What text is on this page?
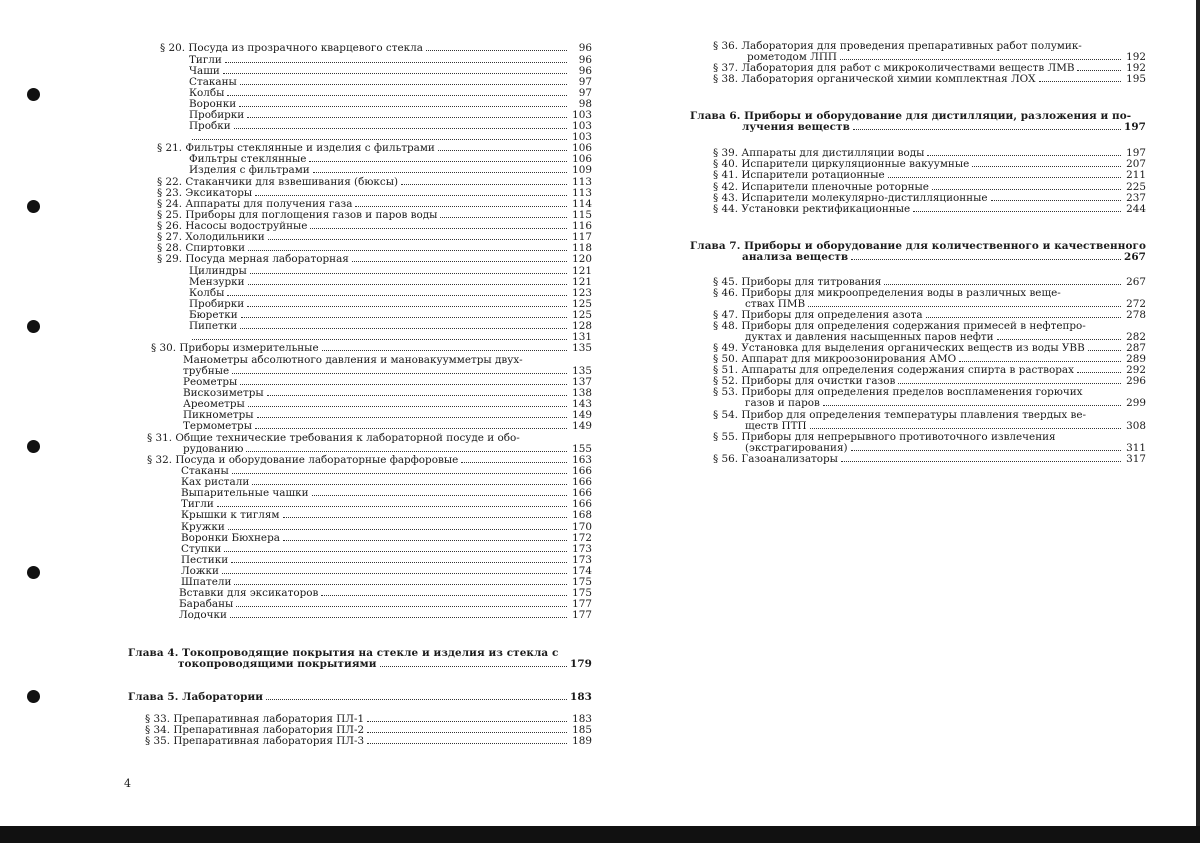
§ 20. Посуда из прозрачного кварцевого стекла	96
Тигли	96
Чаши	96
Стаканы	97
Колбы	97
Воронки	98
Пробирки	103
Пробки	103
103
§ 21. Фильтры стеклянные и изделия с фильтрами	106
Фильтры стеклянные	106
Изделия с фильтрами	109
§ 22. Стаканчики для взвешивания (бюксы)	113
§ 23. Эксикаторы	113
§ 24. Аппараты для получения газа	114
§ 25. Приборы для поглощения газов и паров воды	115
§ 26. Насосы водоструйные	116
§ 27. Холодильники	117
§ 28. Спиртовки	118
§ 29. Посуда мерная лабораторная	120
Цилиндры	121
Мензурки	121
Колбы	123
Пробирки	125
Бюретки	125
Пипетки	128
131
§ 30. Приборы измерительные	135
Манометры абсолютного давления и мановакуумметры двух-
трубные	135
Реометры	137
Вискозиметры	138
Ареометры	143
Пикнометры	149
Термометры	149
§ 31. Общие технические требования к лабораторной посуде и обо-
рудованию	155
§ 32. Посуда и оборудование лабораторные фарфоровые	163
Стаканы	166
Ках ристали	166
Выпарительные чашки	166
Тигли	166
Крышки к тиглям	168
Кружки	170
Воронки Бюхнера	172
Ступки	173
Пестики	173
Ложки	174
Шпатели	175
Вставки для эксикаторов	175
Барабаны	177
Лодочки	177
Глава 4. Токопроводящие покрытия на стекле и изделия из стекла с
токопроводящими покрытиями	179
Глава 5. Лаборатории	183
§ 33. Препаративная лаборатория ПЛ-1	183
§ 34. Препаративная лаборатория ПЛ-2	185
§ 35. Препаративная лаборатория ПЛ-3	189
§ 36. Лаборатория для проведения препаративных работ полумик-
рометодом ЛПП	192
§ 37. Лаборатория для работ с микроколичествами веществ ЛМВ	192
§ 38. Лаборатория органической химии комплектная ЛОХ	195
Глава 6. Приборы и оборудование для дистилляции, разложения и по-
лучения веществ	197
§ 39. Аппараты для дистилляции воды	197
§ 40. Испарители циркуляционные вакуумные	207
§ 41. Испарители ротационные	211
§ 42. Испарители пленочные роторные	225
§ 43. Испарители молекулярно-дистилляционные	237
§ 44. Установки ректификационные	244
Глава 7. Приборы и оборудование для количественного и качественного
анализа веществ	267
§ 45. Приборы для титрования	267
§ 46. Приборы для микроопределения воды в различных веще-
ствах ПМВ	272
§ 47. Приборы для определения азота	278
§ 48. Приборы для определения содержания примесей в нефтепро-
дуктах и давления насыщенных паров нефти	282
§ 49. Установка для выделения органических веществ из воды УВВ	287
§ 50. Аппарат для микроозонирования АМО	289
§ 51. Аппараты для определения содержания спирта в растворах	292
§ 52. Приборы для очистки газов	296
§ 53. Приборы для определения пределов воспламенения горючих
газов и паров	299
§ 54. Прибор для определения температуры плавления твердых ве-
ществ ПТП	308
§ 55. Приборы для непрерывного противоточного извлечения
(экстрагирования)	311
§ 56. Газоанализаторы	317
4
